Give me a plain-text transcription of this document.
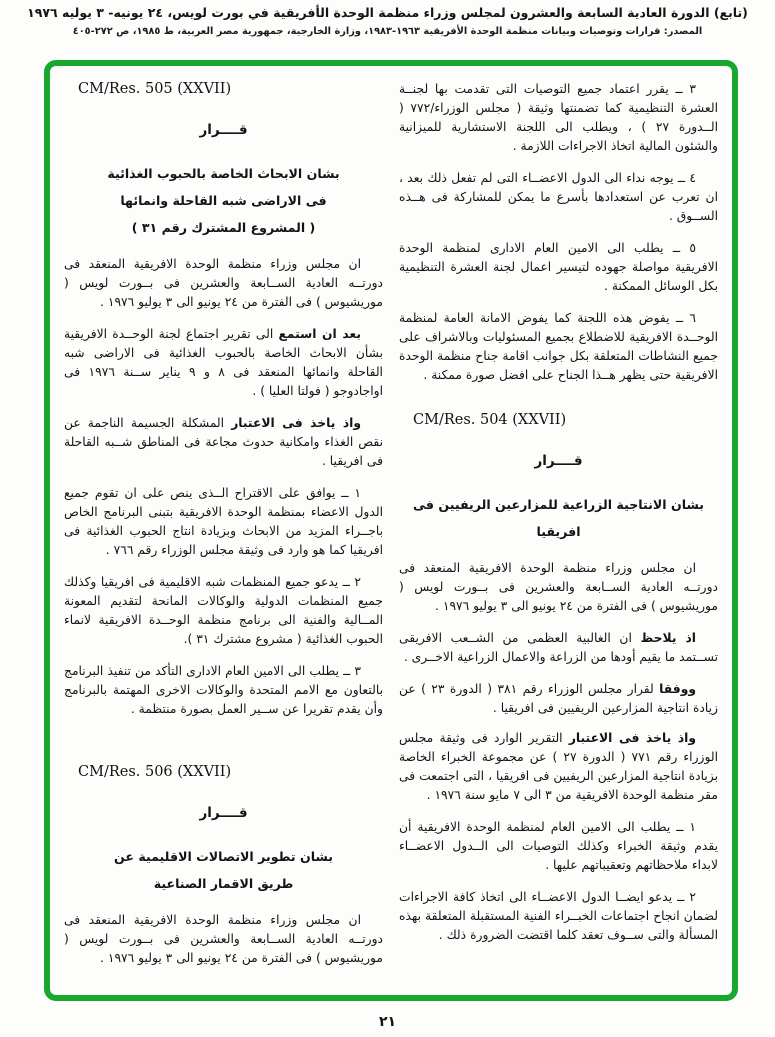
(تابع) الدورة العادية السابعة والعشرون لمجلس وزراء منظمة الوحدة الأفريقية في بورت لويس، ٢٤ يونيه- ٣ يوليه ١٩٧٦
المصدر: قرارات وتوصيات وبيانات منظمة الوحدة الأفريقية ١٩٦٣-١٩٨٣، وزارة الخارجية، جمهورية مصر العربية، ط ١٩٨٥، ص ٢٧٢-٤٠٥

٣ ــ يقرر اعتماد جميع التوصيات التى تقدمت بها لجنــة العشرة التنظيمية كما تضمنتها وثيقة ( مجلس الوزراء/٧٧٢ ( الــدورة ٢٧ ) ، ويطلب الى اللجنة الاستشارية للميزانية والشئون المالية اتخاذ الاجراءات اللازمة .

٤ ــ يوجه نداء الى الدول الاعضــاء التى لم تفعل ذلك بعد ، ان تعرب عن استعدادها بأسرع ما يمكن للمشاركة فى هــذه الســوق .

٥ ــ يطلب الى الامين العام الادارى لمنظمة الوحدة الافريقية مواصلة جهوده لتيسير اعمال لجنة العشرة التنظيمية بكل الوسائل الممكنة .

٦ ــ يفوض هذه اللجنة كما يفوض الامانة العامة لمنظمة الوحــدة الافريقية للاضطلاع بجميع المسئوليات وبالاشراف على جميع النشاطات المتعلقة بكل جوانب اقامة جناح منظمة الوحدة الافريقية حتى يظهر هــذا الجناح على افضل صورة ممكنة .

CM/Res. 504 (XXVII)
قــــرار
بشان الانتاجية الزراعية للمزارعين الريفيين فى افريقيا

ان مجلس وزراء منظمة الوحدة الافريقية المنعقد فى دورتــه العادية الســابعة والعشرين فى بــورت لويس ( موريشيوس ) فى الفترة من ٢٤ يونيو الى ٣ يوليو ١٩٧٦ .

اذ يلاحظ ان الغالبية العظمى من الشــعب الافريقى تســتمد ما يقيم أودها من الزراعة والاعمال الزراعية الاخــرى .

ووفقا لقرار مجلس الوزراء رقم ٣٨١ ( الدورة ٢٣ ) عن زيادة انتاجية المزارعين الريفيين فى افريقيا .

واذ ياخذ فى الاعتبار التقرير الوارد فى وثيقة مجلس الوزراء رقم ٧٧١ ( الدورة ٢٧ ) عن مجموعة الخبراء الخاصة بزيادة انتاجية المزارعين الريفيين فى افريقيا ، التى اجتمعت فى مقر منظمة الوحدة الافريقية من ٣ الى ٧ مايو سنة ١٩٧٦ .

١ ــ يطلب الى الامين العام لمنظمة الوحدة الافريقية أن يقدم وثيقة الخبراء وكذلك التوصيات الى الــدول الاعضــاء لابداء ملاحظاتهم وتعقيباتهم عليها .

٢ ــ يدعو ايضــا الدول الاعضــاء الى اتخاذ كافة الاجراءات لضمان انجاح اجتماعات الخبــراء الفنية المستقبلة المتعلقة بهذه المسألة والتى ســوف تعقد كلما اقتضت الضرورة ذلك .

CM/Res. 505 (XXVII)
قــــرار
بشان الابحاث الخاصة بالحبوب الغذائية
فى الاراضى شبه القاحلة وانمائها
( المشروع المشترك رقم ٣١ )

ان مجلس وزراء منظمة الوحدة الافريقية المنعقد فى دورتــه العادية الســابعة والعشرين فى بــورت لويس ( موريشيوس ) فى الفترة من ٢٤ يونيو الى ٣ يوليو ١٩٧٦ .

بعد ان استمع الى تقرير اجتماع لجنة الوحــدة الافريقية بشأن الابحاث الخاصة بالحبوب الغذائية فى الاراضى شبه القاحلة وانمائها المنعقد فى ٨ و ٩ يناير ســنة ١٩٧٦ فى اواجادوجو ( فولتا العليا ) .

واذ ياخذ فى الاعتبار المشكلة الجسيمة الناجمة عن نقص الغذاء وامكانية حدوث مجاعة فى المناطق شــبه القاحلة فى افريقيا .

١ ــ يوافق على الاقتراح الــذى ينص على ان تقوم جميع الدول الاعضاء بمنظمة الوحدة الافريقية بتبنى البرنامج الخاص باجــراء المزيد من الابحاث وبزيادة انتاج الحبوب الغذائية فى افريقيا كما هو وارد فى وثيقة مجلس الوزراء رقم ٧٦٦ .

٢ ــ يدعو جميع المنظمات شبه الاقليمية فى افريقيا وكذلك جميع المنظمات الدولية والوكالات المانحة لتقديم المعونة المــالية والفنية الى برنامج منظمة الوحــدة الافريقية لانماء الحبوب الغذائية ( مشروع مشترك ٣١ ).

٣ ــ يطلب الى الامين العام الادارى التأكد من تنفيذ البرنامج بالتعاون مع الامم المتحدة والوكالات الاخرى المهتمة بالبرنامج وأن يقدم تقريرا عن ســير العمل بصورة منتظمة .

CM/Res. 506 (XXVII)
قــــرار
بشان تطوير الاتصالات الاقليمية عن
طريق الاقمار الصناعية

ان مجلس وزراء منظمة الوحدة الافريقية المنعقد فى دورتــه العادية الســابعة والعشرين فى بــورت لويس ( موريشيوس ) فى الفترة من ٢٤ يونيو الى ٣ يوليو ١٩٧٦ .

٢١
